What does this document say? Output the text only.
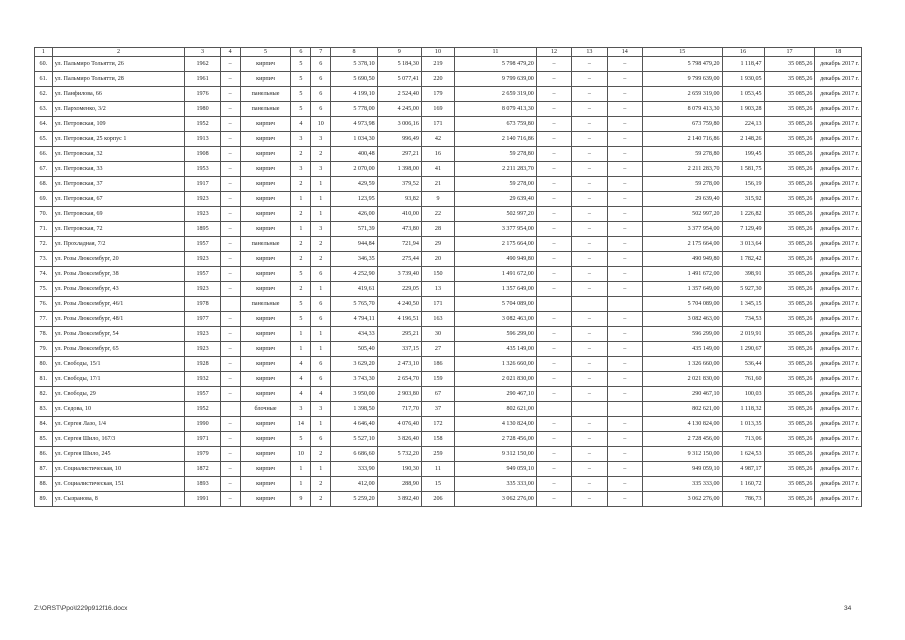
1	2	3	4	5	6	7	8	9	10	11	12	13	14	15	16	17	18
60.	ул. Пальмиро Тольятти, 26	1962	–	кирпич	5	6	5 378,10	5 184,30	219	5 798 479,20	–	–	–	5 798 479,20	1 118,47	35 085,26	декабрь 2017 г.
61.	ул. Пальмиро Тольятти, 28	1961	–	кирпич	5	6	5 690,50	5 077,41	220	9 799 639,00	–	–	–	9 799 639,00	1 930,05	35 085,26	декабрь 2017 г.
62.	ул. Панфилова, 66	1976	–	панельные	5	6	4 199,10	2 524,40	179	2 659 319,00	–	–	–	2 659 319,00	1 053,45	35 085,26	декабрь 2017 г.
63.	ул. Пархоменко, 3/2	1980	–	панельные	5	6	5 778,00	4 245,00	169	8 079 413,30	–	–	–	8 079 413,30	1 903,28	35 085,26	декабрь 2017 г.
64.	ул. Петровская, 109	1952	–	кирпич	4	10	4 973,98	3 006,16	171	673 759,80	–	–	–	673 759,80	224,13	35 085,26	декабрь 2017 г.
65.	ул. Петровская, 25 корпус 1	1913	–	кирпич	3	3	1 034,30	996,49	42	2 140 716,86	–	–	–	2 140 716,86	2 148,26	35 085,26	декабрь 2017 г.
66.	ул. Петровская, 32	1908	–	кирпич	2	2	400,48	297,21	16	59 278,80	–	–	–	59 278,80	199,45	35 085,26	декабрь 2017 г.
67.	ул. Петровская, 33	1953	–	кирпич	3	3	2 070,00	1 398,00	41	2 211 283,70	–	–	–	2 211 283,70	1 581,75	35 085,26	декабрь 2017 г.
68.	ул. Петровская, 37	1917	–	кирпич	2	1	429,59	379,52	21	59 278,00	–	–	–	59 278,00	156,19	35 085,26	декабрь 2017 г.
69.	ул. Петровская, 67	1923	–	кирпич	1	1	123,95	93,82	9	29 639,40	–	–	–	29 639,40	315,92	35 085,26	декабрь 2017 г.
70.	ул. Петровская, 69	1923	–	кирпич	2	1	426,00	410,00	22	502 997,20	–	–	–	502 997,20	1 226,82	35 085,26	декабрь 2017 г.
71.	ул. Петровская, 72	1895	–	кирпич	1	3	571,39	473,80	28	3 377 954,00	–	–	–	3 377 954,00	7 129,49	35 085,26	декабрь 2017 г.
72.	ул. Прохладная, 7/2	1957	–	панельные	2	2	944,84	721,94	29	2 175 664,00	–	–	–	2 175 664,00	3 013,64	35 085,26	декабрь 2017 г.
73.	ул. Розы Люксембург, 20	1923	–	кирпич	2	2	346,35	275,44	20	490 949,80	–	–	–	490 949,80	1 782,42	35 085,26	декабрь 2017 г.
74.	ул. Розы Люксембург, 38	1957	–	кирпич	5	6	4 252,90	3 739,40	150	1 491 672,00	–	–	–	1 491 672,00	398,91	35 085,26	декабрь 2017 г.
75.	ул. Розы Люксембург, 43	1923	–	кирпич	2	1	419,61	229,05	13	1 357 649,00	–	–	–	1 357 649,00	5 927,30	35 085,26	декабрь 2017 г.
76.	ул. Розы Люксембург, 46/1	1978		панельные	5	6	5 765,70	4 240,50	171	5 704 089,00				5 704 089,00	1 345,15	35 085,26	декабрь 2017 г.
77.	ул. Розы Люксембург, 48/1	1977	–	кирпич	5	6	4 794,11	4 196,51	163	3 082 463,00	–	–	–	3 082 463,00	734,53	35 085,26	декабрь 2017 г.
78.	ул. Розы Люксембург, 54	1923	–	кирпич	1	1	434,33	295,21	30	596 299,00	–	–	–	596 299,00	2 019,91	35 085,26	декабрь 2017 г.
79.	ул. Розы Люксембург, 65	1923	–	кирпич	1	1	505,40	337,15	27	435 149,00	–	–	–	435 149,00	1 290,67	35 085,26	декабрь 2017 г.
80.	ул. Свободы, 15/1	1928	–	кирпич	4	6	3 629,20	2 473,10	186	1 326 660,00	–	–	–	1 326 660,00	536,44	35 085,26	декабрь 2017 г.
81.	ул. Свободы, 17/1	1932	–	кирпич	4	6	3 743,30	2 654,70	159	2 021 830,00	–	–	–	2 021 830,00	761,60	35 085,26	декабрь 2017 г.
82.	ул. Свободы, 29	1957	–	кирпич	4	4	3 950,00	2 903,80	67	290 467,10	–	–	–	290 467,10	100,03	35 085,26	декабрь 2017 г.
83.	ул. Седова, 10	1952		блочные	3	3	1 398,50	717,70	37	802 621,00				802 621,00	1 118,32	35 085,26	декабрь 2017 г.
84.	ул. Сергея Лазо, 1/4	1990	–	кирпич	14	1	4 646,40	4 076,40	172	4 130 824,00	–	–	–	4 130 824,00	1 013,35	35 085,26	декабрь 2017 г.
85.	ул. Сергея Шило, 167/3	1971	–	кирпич	5	6	5 527,10	3 826,40	158	2 728 456,00	–	–	–	2 728 456,00	713,06	35 085,26	декабрь 2017 г.
86.	ул. Сергея Шило, 245	1979	–	кирпич	10	2	6 686,60	5 732,20	259	9 312 150,00	–	–	–	9 312 150,00	1 624,53	35 085,26	декабрь 2017 г.
87.	ул. Социалистическая, 10	1872	–	кирпич	1	1	333,90	190,30	11	949 059,10	–	–	–	949 059,10	4 987,17	35 085,26	декабрь 2017 г.
88.	ул. Социалистическая, 151	1893	–	кирпич	1	2	412,00	288,90	15	335 333,00	–	–	–	335 333,00	1 160,72	35 085,26	декабрь 2017 г.
89.	ул. Сызранова, 8	1991	–	кирпич	9	2	5 259,20	3 892,40	206	3 062 276,00	–	–	–	3 062 276,00	786,73	35 085,26	декабрь 2017 г.
Z:\ORST\Ppo\l229p912f16.docx	34
